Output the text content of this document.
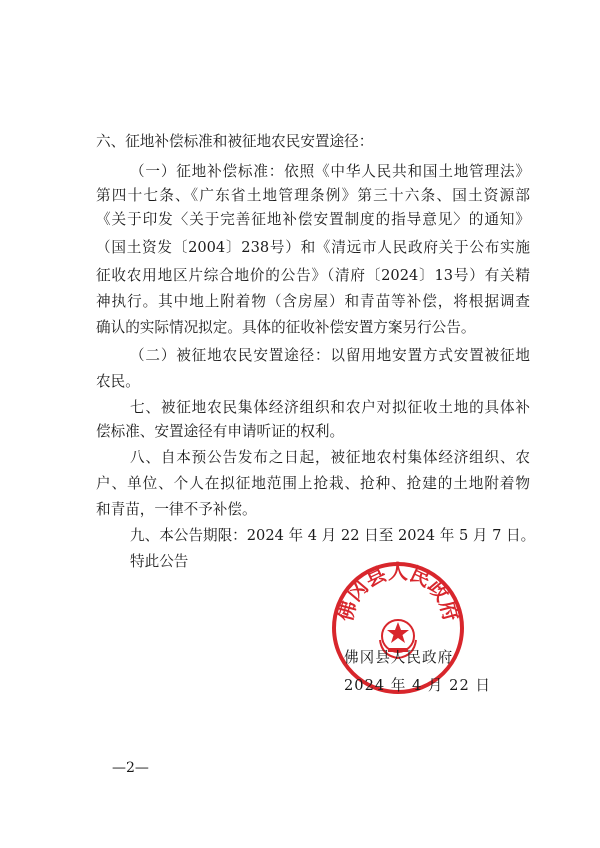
六、征地补偿标准和被征地农民安置途径：
（一）征地补偿标准：依照《中华人民共和国土地管理法》
第四十七条、《广东省土地管理条例》第三十六条、国土资源部
《关于印发〈关于完善征地补偿安置制度的指导意见〉的通知》
（国土资发〔2004〕238号）和《清远市人民政府关于公布实施
征收农用地区片综合地价的公告》（清府〔2024〕13号）有关精
神执行。其中地上附着物（含房屋）和青苗等补偿，将根据调查
确认的实际情况拟定。具体的征收补偿安置方案另行公告。
（二）被征地农民安置途径：以留用地安置方式安置被征地
农民。
七、被征地农民集体经济组织和农户对拟征收土地的具体补
偿标准、安置途径有申请听证的权利。
八、自本预公告发布之日起，被征地农村集体经济组织、农
户、单位、个人在拟征地范围上抢栽、抢种、抢建的土地附着物
和青苗，一律不予补偿。
九、本公告期限：2024 年 4 月 22 日至 2024 年 5 月 7 日。
特此公告
佛冈县人民政府
佛冈县人民政府
2024 年 4 月 22 日
—2—
